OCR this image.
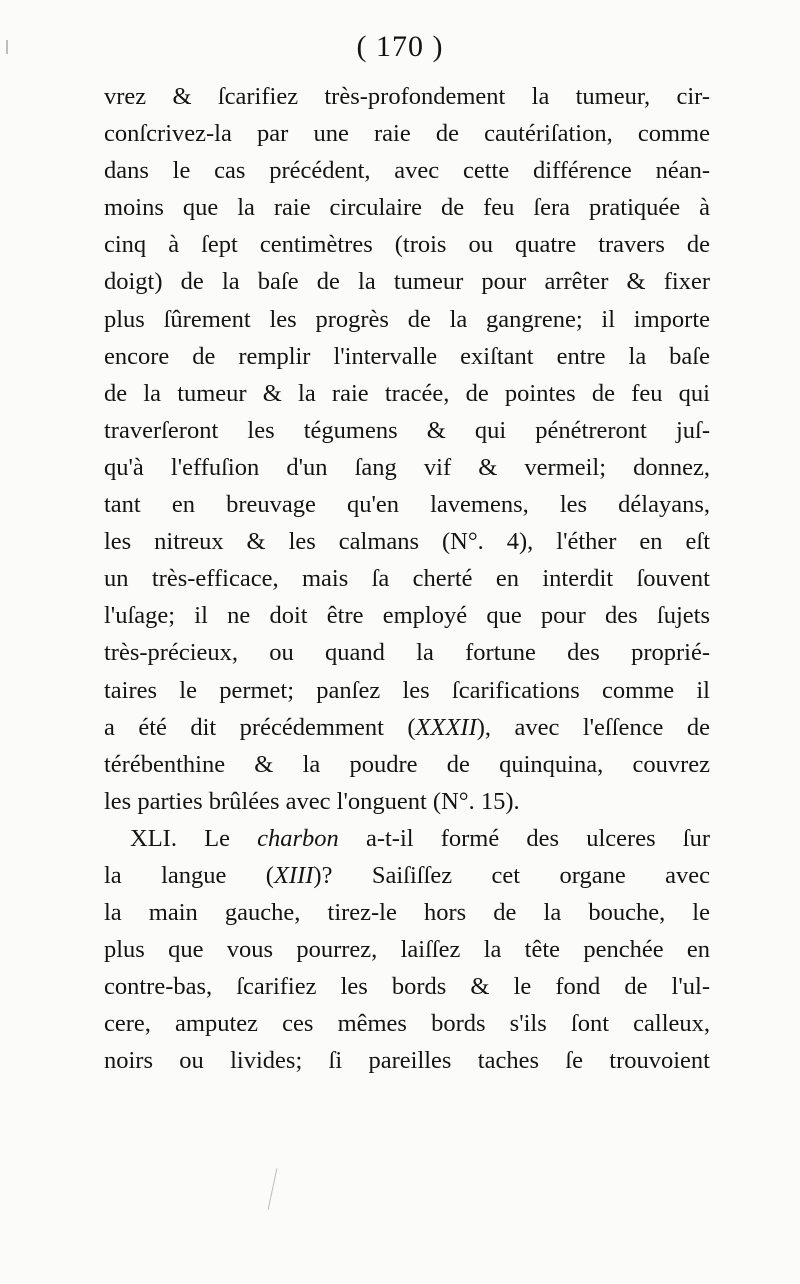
( 170 )
vrez & ſcarifiez très-profondement la tumeur, cir-
conſcrivez-la par une raie de cautériſation, comme
dans le cas précédent, avec cette différence néan-
moins que la raie circulaire de feu ſera pratiquée à
cinq à ſept centimètres (trois ou quatre travers de
doigt) de la baſe de la tumeur pour arrêter & fixer
plus ſûrement les progrès de la gangrene; il importe
encore de remplir l'intervalle exiſtant entre la baſe
de la tumeur & la raie tracée, de pointes de feu qui
traverſeront les tégumens & qui pénétreront juſ-
qu'à l'effuſion d'un ſang vif & vermeil; donnez,
tant en breuvage qu'en lavemens, les délayans,
les nitreux & les calmans (N°. 4), l'éther en eſt
un très-efficace, mais ſa cherté en interdit ſouvent
l'uſage; il ne doit être employé que pour des ſujets
très-précieux, ou quand la fortune des proprié-
taires le permet; panſez les ſcarifications comme il
a été dit précédemment (XXXII), avec l'eſſence de
térébenthine & la poudre de quinquina, couvrez
les parties brûlées avec l'onguent (N°. 15).
XLI. Le charbon a-t-il formé des ulceres ſur
la langue (XIII)? Saiſiſſez cet organe avec
la main gauche, tirez-le hors de la bouche, le
plus que vous pourrez, laiſſez la tête penchée en
contre-bas, ſcarifiez les bords & le fond de l'ul-
cere, amputez ces mêmes bords s'ils ſont calleux,
noirs ou livides; ſi pareilles taches ſe trouvoient
